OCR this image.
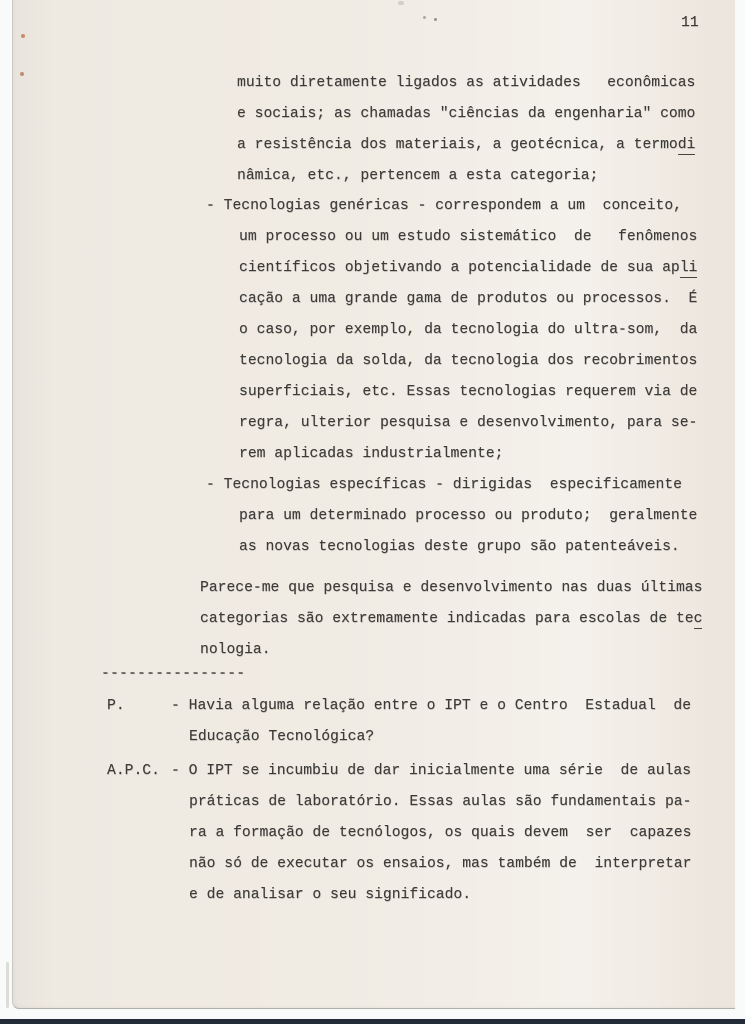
11
muito diretamente ligados as atividades   econômicas
e sociais; as chamadas "ciências da engenharia" como
a resistência dos materiais, a geotécnica, a termodi
nâmica, etc., pertencem a esta categoria;
- Tecnologias genéricas - correspondem a um  conceito,
um processo ou um estudo sistemático  de   fenômenos
científicos objetivando a potencialidade de sua apli
cação a uma grande gama de produtos ou processos.  É
o caso, por exemplo, da tecnologia do ultra-som,  da
tecnologia da solda, da tecnologia dos recobrimentos
superficiais, etc. Essas tecnologias requerem via de
regra, ulterior pesquisa e desenvolvimento, para se-
rem aplicadas industrialmente;
- Tecnologias específicas - dirigidas  especificamente
para um determinado processo ou produto;  geralmente
as novas tecnologias deste grupo são patenteáveis.
Parece-me que pesquisa e desenvolvimento nas duas últimas
categorias são extremamente indicadas para escolas de tec
nologia.
----------------
P.	- Havia alguma relação entre o IPT e o Centro  Estadual  de
Educação Tecnológica?
A.P.C. - O IPT se incumbiu de dar inicialmente uma série  de aulas
práticas de laboratório. Essas aulas são fundamentais pa-
ra a formação de tecnólogos, os quais devem  ser  capazes
não só de executar os ensaios, mas também de  interpretar
e de analisar o seu significado.
